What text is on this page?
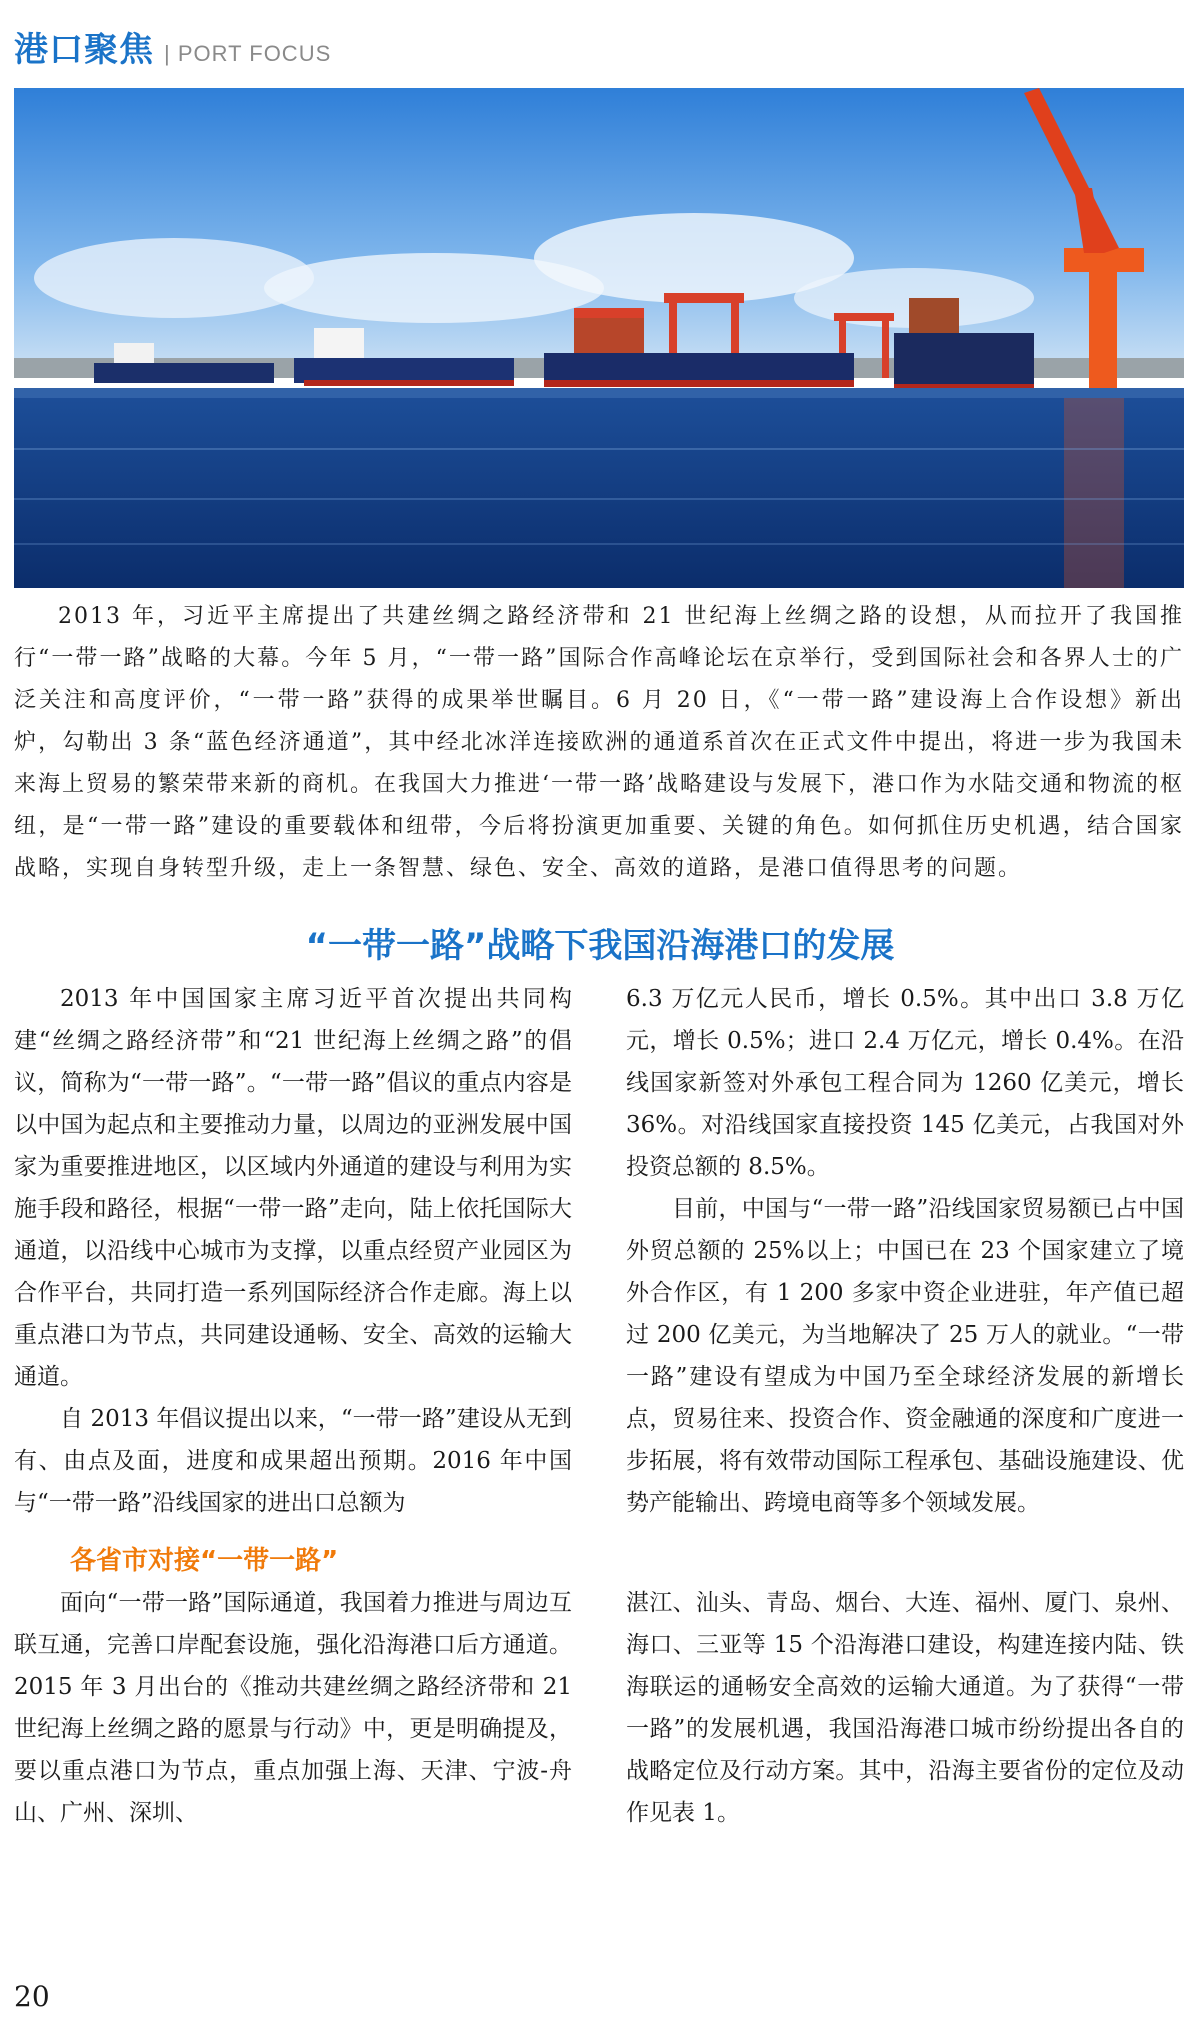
港口聚焦 | PORT FOCUS
2013 年，习近平主席提出了共建丝绸之路经济带和 21 世纪海上丝绸之路的设想，从而拉开了我国推行“一带一路”战略的大幕。今年 5 月，“一带一路”国际合作高峰论坛在京举行，受到国际社会和各界人士的广泛关注和高度评价，“一带一路”获得的成果举世瞩目。6 月 20 日，《“一带一路”建设海上合作设想》新出炉，勾勒出 3 条“蓝色经济通道”，其中经北冰洋连接欧洲的通道系首次在正式文件中提出，将进一步为我国未来海上贸易的繁荣带来新的商机。在我国大力推进‘一带一路’战略建设与发展下，港口作为水陆交通和物流的枢纽，是“一带一路”建设的重要载体和纽带，今后将扮演更加重要、关键的角色。如何抓住历史机遇，结合国家战略，实现自身转型升级，走上一条智慧、绿色、安全、高效的道路，是港口值得思考的问题。
“一带一路”战略下我国沿海港口的发展

2013 年中国国家主席习近平首次提出共同构建“丝绸之路经济带”和“21 世纪海上丝绸之路”的倡议，简称为“一带一路”。“一带一路”倡议的重点内容是以中国为起点和主要推动力量，以周边的亚洲发展中国家为重要推进地区，以区域内外通道的建设与利用为实施手段和路径，根据“一带一路”走向，陆上依托国际大通道，以沿线中心城市为支撑，以重点经贸产业园区为合作平台，共同打造一系列国际经济合作走廊。海上以重点港口为节点，共同建设通畅、安全、高效的运输大通道。

自 2013 年倡议提出以来，“一带一路”建设从无到有、由点及面，进度和成果超出预期。2016 年中国与“一带一路”沿线国家的进出口总额为

6.3 万亿元人民币，增长 0.5%。其中出口 3.8 万亿元，增长 0.5%；进口 2.4 万亿元，增长 0.4%。在沿线国家新签对外承包工程合同为 1260 亿美元，增长 36%。对沿线国家直接投资 145 亿美元，占我国对外投资总额的 8.5%。

目前，中国与“一带一路”沿线国家贸易额已占中国外贸总额的 25%以上；中国已在 23 个国家建立了境外合作区，有 1 200 多家中资企业进驻，年产值已超过 200 亿美元，为当地解决了 25 万人的就业。“一带一路”建设有望成为中国乃至全球经济发展的新增长点，贸易往来、投资合作、资金融通的深度和广度进一步拓展，将有效带动国际工程承包、基础设施建设、优势产能输出、跨境电商等多个领域发展。

各省市对接“一带一路”

面向“一带一路”国际通道，我国着力推进与周边互联互通，完善口岸配套设施，强化沿海港口后方通道。2015 年 3 月出台的《推动共建丝绸之路经济带和 21 世纪海上丝绸之路的愿景与行动》中，更是明确提及，要以重点港口为节点，重点加强上海、天津、宁波-舟山、广州、深圳、

湛江、汕头、青岛、烟台、大连、福州、厦门、泉州、海口、三亚等 15 个沿海港口建设，构建连接内陆、铁海联运的通畅安全高效的运输大通道。为了获得“一带一路”的发展机遇，我国沿海港口城市纷纷提出各自的战略定位及行动方案。其中，沿海主要省份的定位及动作见表 1。

20
